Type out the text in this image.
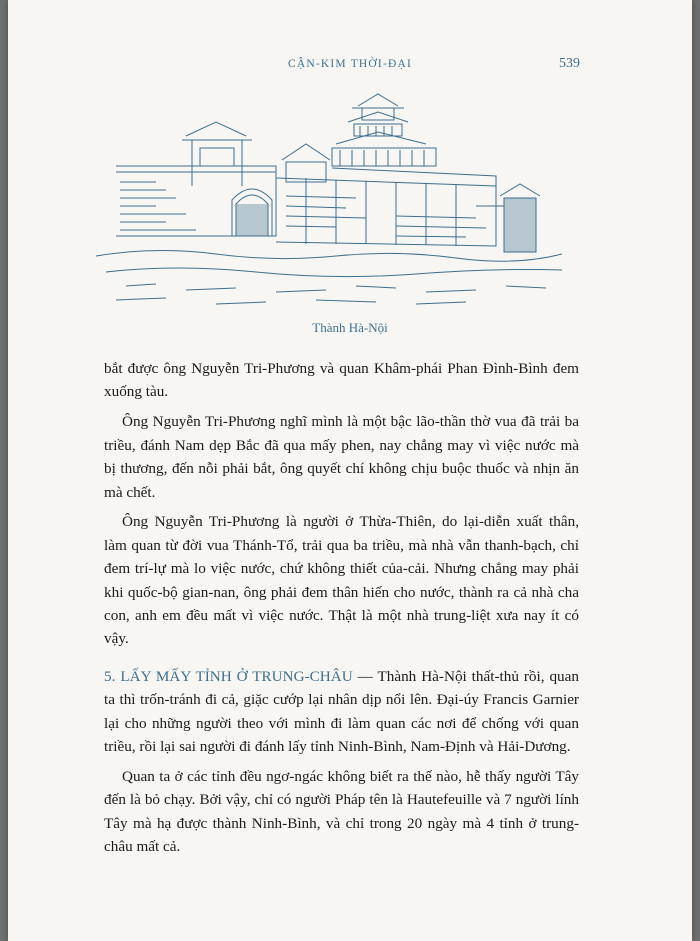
CẬN-KIM THỜI-ĐẠI	539
Thành Hà-Nội

bắt được ông Nguyễn Tri-Phương và quan Khâm-phái Phan Đình-Bình đem xuống tàu.

Ông Nguyễn Tri-Phương nghĩ mình là một bậc lão-thần thờ vua đã trải ba triều, đánh Nam dẹp Bắc đã qua mấy phen, nay chẳng may vì việc nước mà bị thương, đến nỗi phải bắt, ông quyết chí không chịu buộc thuốc và nhịn ăn mà chết.

Ông Nguyễn Tri-Phương là người ở Thừa-Thiên, do lại-diễn xuất thân, làm quan từ đời vua Thánh-Tổ, trải qua ba triều, mà nhà vẫn thanh-bạch, chỉ đem trí-lự mà lo việc nước, chứ không thiết của-cải. Nhưng chẳng may phải khi quốc-bộ gian-nan, ông phải đem thân hiến cho nước, thành ra cả nhà cha con, anh em đều mất vì việc nước. Thật là một nhà trung-liệt xưa nay ít có vậy.

5. LẤY MẤY TỈNH Ở TRUNG-CHÂU — Thành Hà-Nội thất-thủ rồi, quan ta thì trốn-tránh đi cả, giặc cướp lại nhân dịp nổi lên. Đại-úy Francis Garnier lại cho những người theo với mình đi làm quan các nơi để chống với quan triều, rồi lại sai người đi đánh lấy tỉnh Ninh-Bình, Nam-Định và Hải-Dương.

Quan ta ở các tỉnh đều ngơ-ngác không biết ra thế nào, hễ thấy người Tây đến là bỏ chạy. Bởi vậy, chỉ có người Pháp tên là Hautefeuille và 7 người lính Tây mà hạ được thành Ninh-Bình, và chỉ trong 20 ngày mà 4 tỉnh ở trung-châu mất cả.
